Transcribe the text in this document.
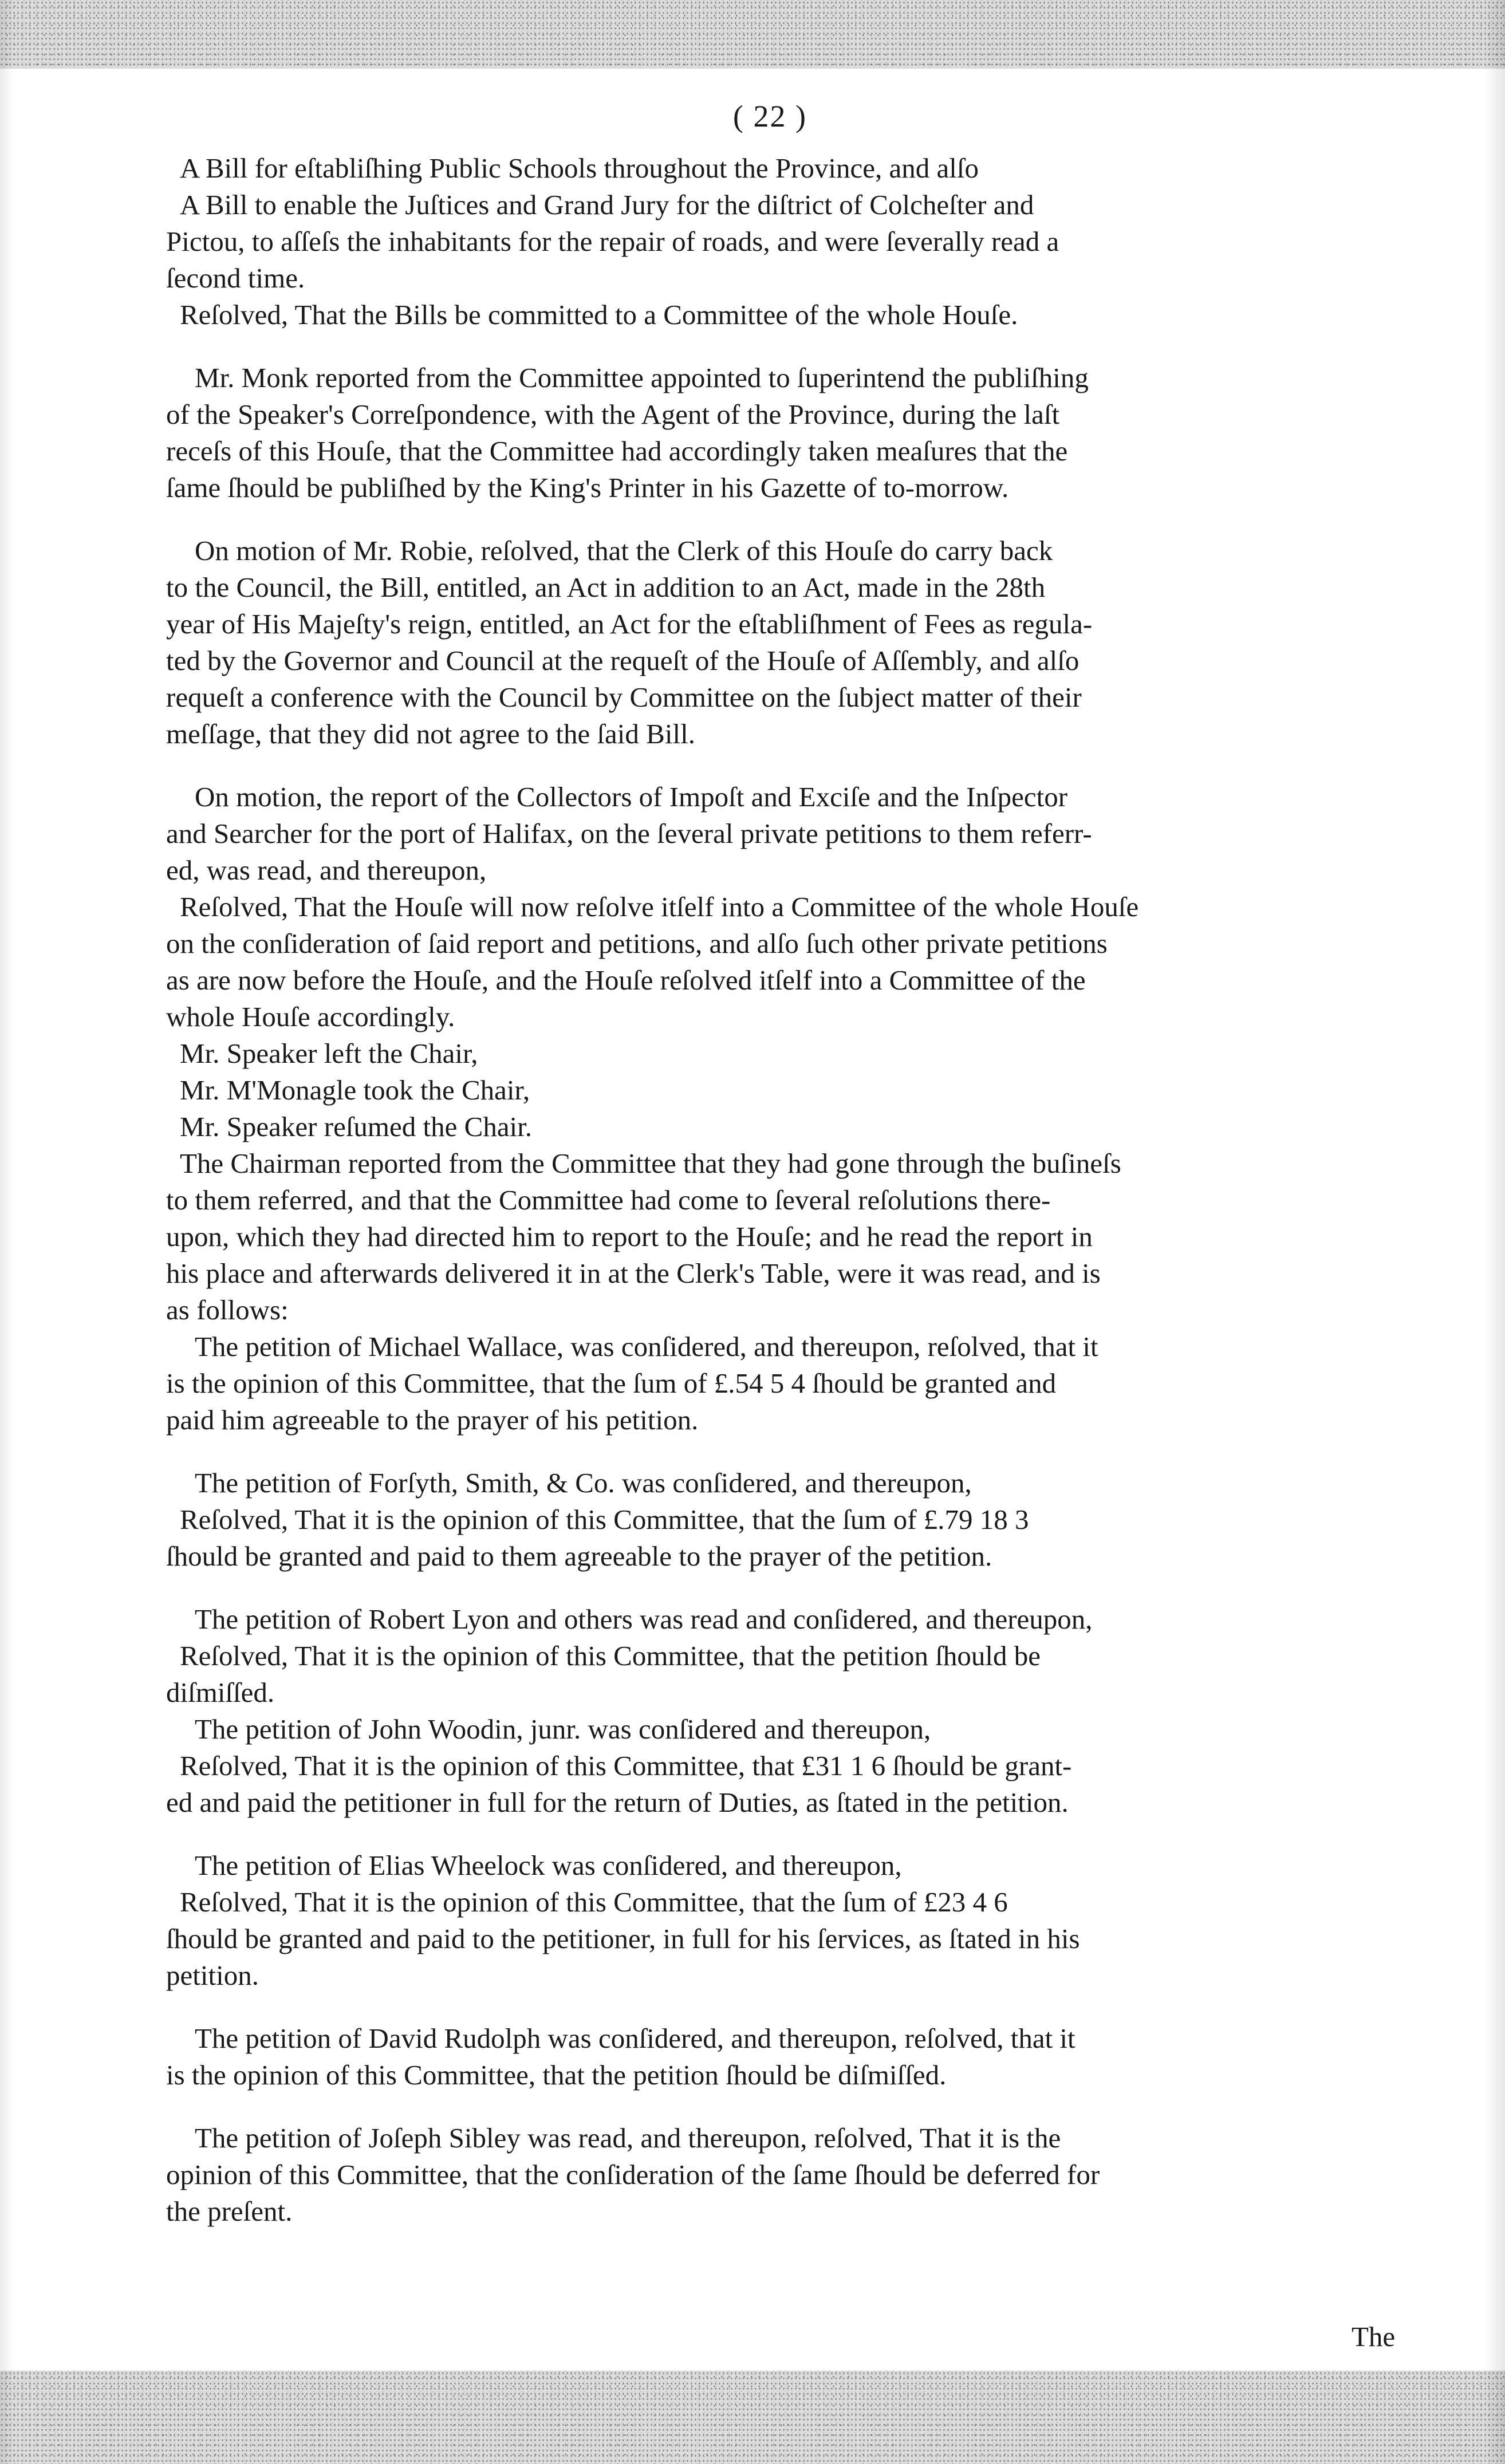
( 22 )
A Bill for eſtabliſhing Public Schools throughout the Province, and alſo
A Bill to enable the Juſtices and Grand Jury for the diſtrict of Colcheſter and
Pictou, to aſſeſs the inhabitants for the repair of roads, and were ſeverally read a
ſecond time.
Reſolved, That the Bills be committed to a Committee of the whole Houſe.
Mr. Monk reported from the Committee appointed to ſuperintend the publiſhing
of the Speaker's Correſpondence, with the Agent of the Province, during the laſt
receſs of this Houſe, that the Committee had accordingly taken meaſures that the
ſame ſhould be publiſhed by the King's Printer in his Gazette of to-morrow.
On motion of Mr. Robie, reſolved, that the Clerk of this Houſe do carry back
to the Council, the Bill, entitled, an Act in addition to an Act, made in the 28th
year of His Majeſty's reign, entitled, an Act for the eſtabliſhment of Fees as regula-
ted by the Governor and Council at the requeſt of the Houſe of Aſſembly, and alſo
requeſt a conference with the Council by Committee on the ſubject matter of their
meſſage, that they did not agree to the ſaid Bill.
On motion, the report of the Collectors of Impoſt and Exciſe and the Inſpector
and Searcher for the port of Halifax, on the ſeveral private petitions to them referr-
ed, was read, and thereupon,
Reſolved, That the Houſe will now reſolve itſelf into a Committee of the whole Houſe
on the conſideration of ſaid report and petitions, and alſo ſuch other private petitions
as are now before the Houſe, and the Houſe reſolved itſelf into a Committee of the
whole Houſe accordingly.
Mr. Speaker left the Chair,
Mr. M'Monagle took the Chair,
Mr. Speaker reſumed the Chair.
The Chairman reported from the Committee that they had gone through the buſineſs
to them referred, and that the Committee had come to ſeveral reſolutions there-
upon, which they had directed him to report to the Houſe; and he read the report in
his place and afterwards delivered it in at the Clerk's Table, were it was read, and is
as follows:
The petition of Michael Wallace, was conſidered, and thereupon, reſolved, that it
is the opinion of this Committee, that the ſum of £.54 5 4 ſhould be granted and
paid him agreeable to the prayer of his petition.
The petition of Forſyth, Smith, & Co. was conſidered, and thereupon,
Reſolved, That it is the opinion of this Committee, that the ſum of £.79 18 3
ſhould be granted and paid to them agreeable to the prayer of the petition.
The petition of Robert Lyon and others was read and conſidered, and thereupon,
Reſolved, That it is the opinion of this Committee, that the petition ſhould be
diſmiſſed.
The petition of John Woodin, junr. was conſidered and thereupon,
Reſolved, That it is the opinion of this Committee, that £31 1 6 ſhould be grant-
ed and paid the petitioner in full for the return of Duties, as ſtated in the petition.
The petition of Elias Wheelock was conſidered, and thereupon,
Reſolved, That it is the opinion of this Committee, that the ſum of £23 4 6
ſhould be granted and paid to the petitioner, in full for his ſervices, as ſtated in his
petition.
The petition of David Rudolph was conſidered, and thereupon, reſolved, that it
is the opinion of this Committee, that the petition ſhould be diſmiſſed.
The petition of Joſeph Sibley was read, and thereupon, reſolved, That it is the
opinion of this Committee, that the conſideration of the ſame ſhould be deferred for
the preſent.
The
